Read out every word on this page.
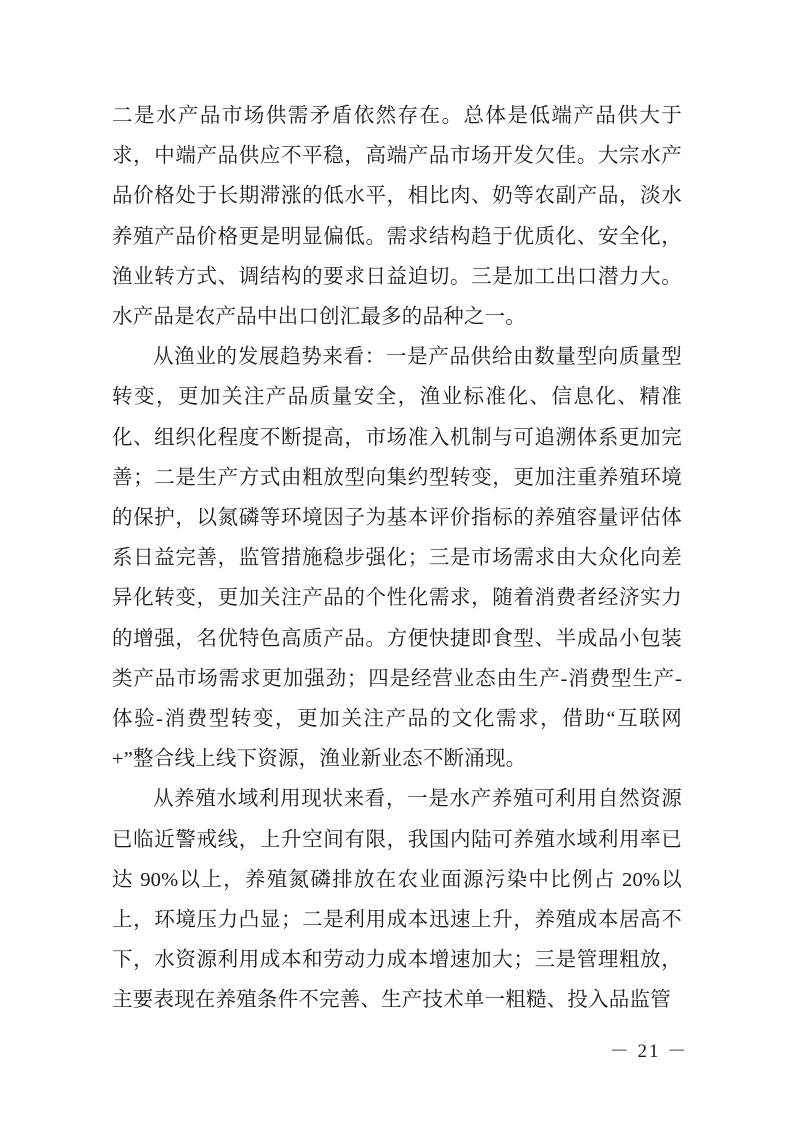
二是水产品市场供需矛盾依然存在。总体是低端产品供大于求，中端产品供应不平稳，高端产品市场开发欠佳。大宗水产品价格处于长期滞涨的低水平，相比肉、奶等农副产品，淡水养殖产品价格更是明显偏低。需求结构趋于优质化、安全化，渔业转方式、调结构的要求日益迫切。三是加工出口潜力大。水产品是农产品中出口创汇最多的品种之一。

从渔业的发展趋势来看：一是产品供给由数量型向质量型转变，更加关注产品质量安全，渔业标准化、信息化、精准化、组织化程度不断提高，市场准入机制与可追溯体系更加完善；二是生产方式由粗放型向集约型转变，更加注重养殖环境的保护，以氮磷等环境因子为基本评价指标的养殖容量评估体系日益完善，监管措施稳步强化；三是市场需求由大众化向差异化转变，更加关注产品的个性化需求，随着消费者经济实力的增强，名优特色高质产品。方便快捷即食型、半成品小包装类产品市场需求更加强劲；四是经营业态由生产-消费型生产-体验-消费型转变，更加关注产品的文化需求，借助“互联网+”整合线上线下资源，渔业新业态不断涌现。

从养殖水域利用现状来看，一是水产养殖可利用自然资源已临近警戒线，上升空间有限，我国内陆可养殖水域利用率已达 90%以上，养殖氮磷排放在农业面源污染中比例占 20%以上，环境压力凸显；二是利用成本迅速上升，养殖成本居高不下，水资源利用成本和劳动力成本增速加大；三是管理粗放，主要表现在养殖条件不完善、生产技术单一粗糙、投入品监管

－ 21 －
